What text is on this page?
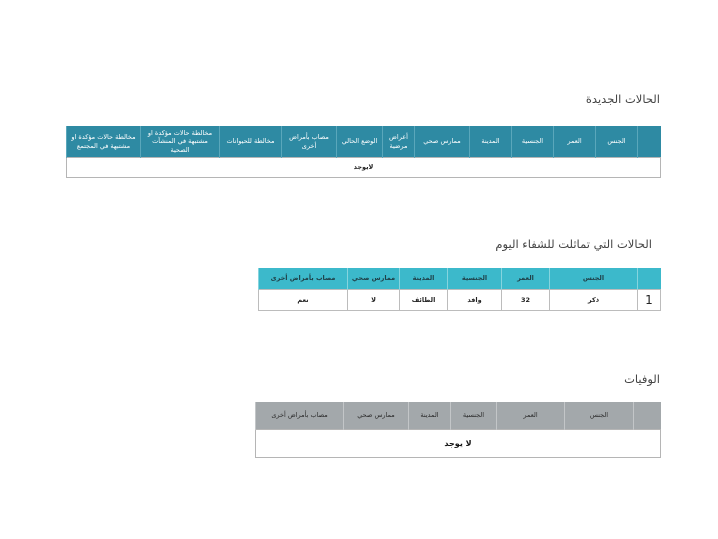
الحالات الجديدة
	الجنس	العمر	الجنسية	المدينة	ممارس صحي	أعراض مرضية	الوضع الحالي	مصاب بأمراض أخرى	مخالطة للحيوانات	مخالطة حالات مؤكدة او مشتبهة في المنشآت الصحية	مخالطة حالات مؤكدة او مشتبهة في المجتمع
لايوجد
الحالات التي تماثلت للشفاء اليوم
	الجنس	العمر	الجنسية	المدينة	ممارس صحي	مصاب بأمراض أخرى
1	ذكر	32	وافد	الطائف	لا	نعم
الوفيات
	الجنس	العمر	الجنسية	المدينة	ممارس صحي	مصاب بأمراض أخرى
لا يوجد
